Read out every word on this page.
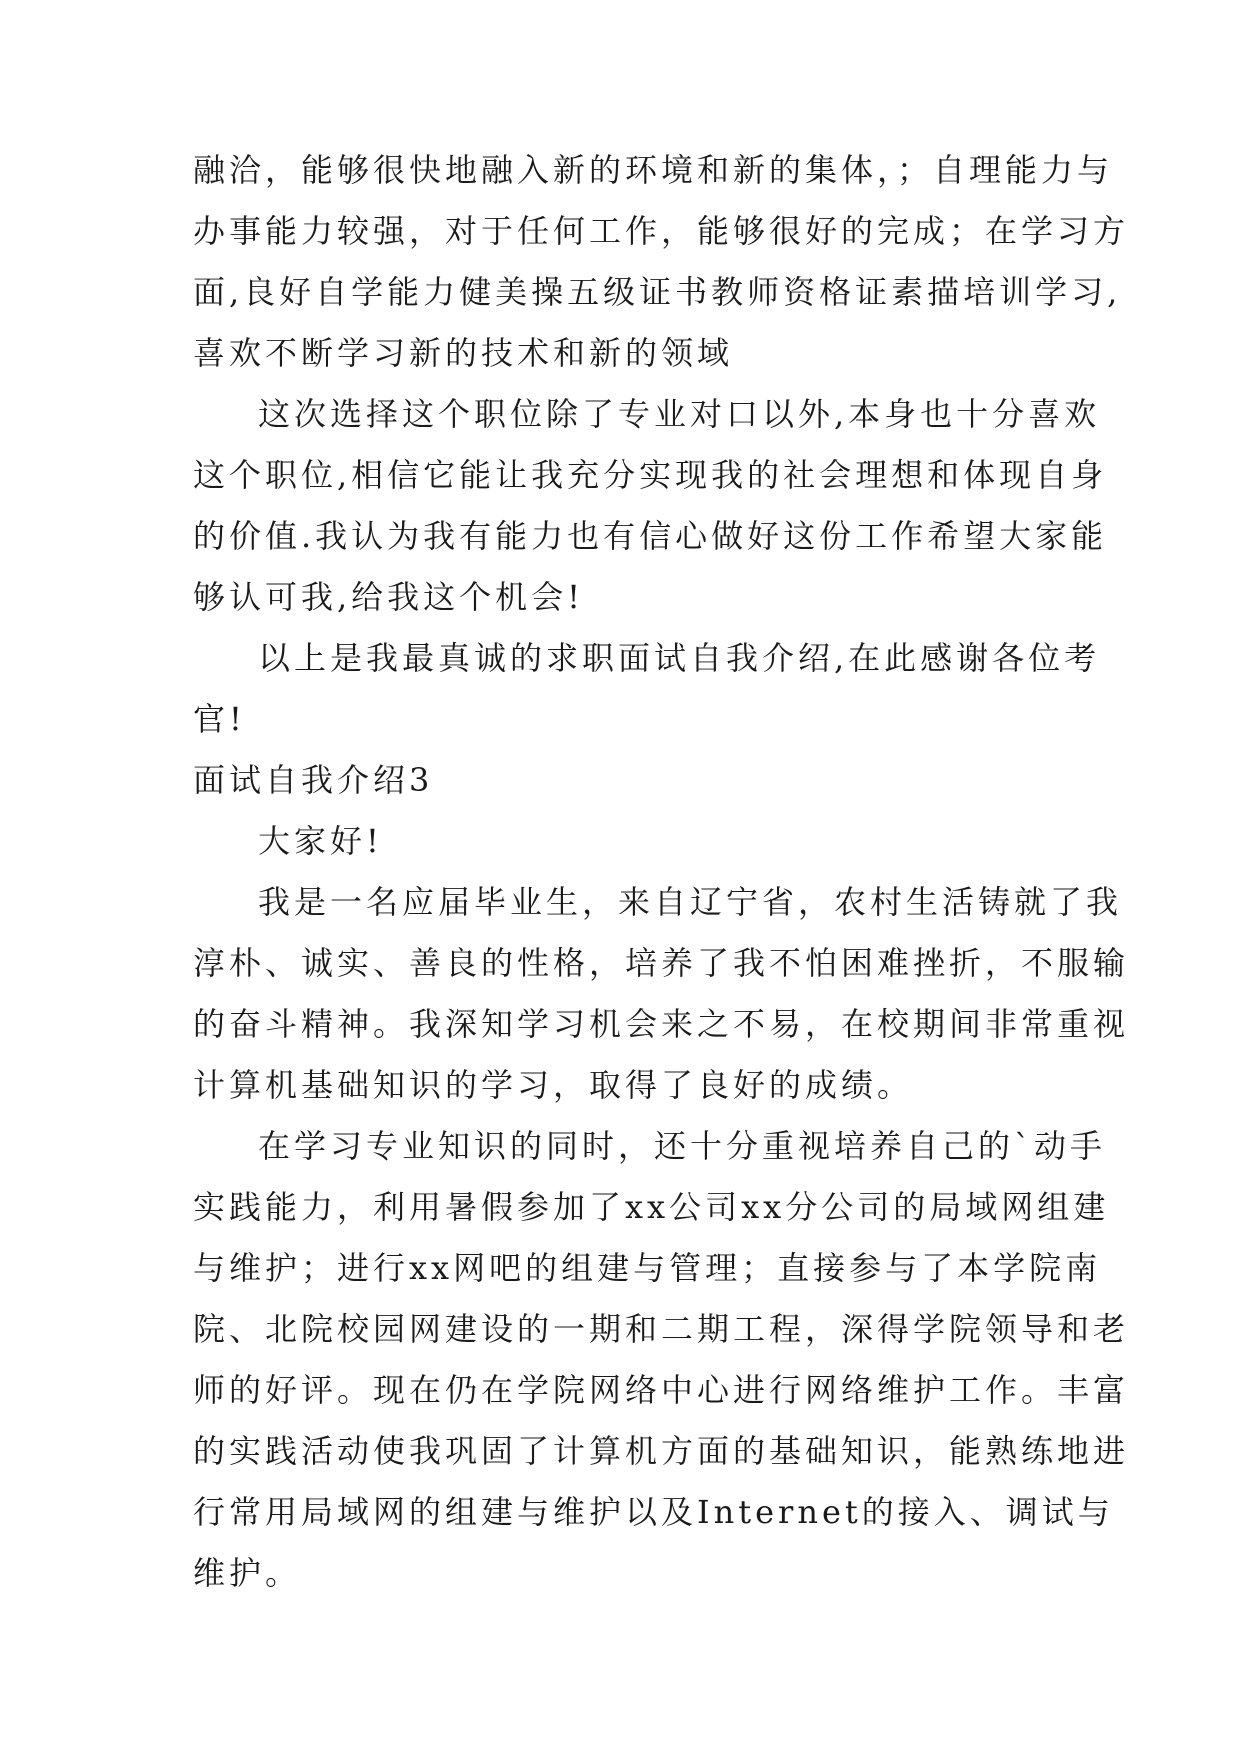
融洽，能够很快地融入新的环境和新的集体，；自理能力与
办事能力较强，对于任何工作，能够很好的完成；在学习方
面,良好自学能力健美操五级证书教师资格证素描培训学习,
喜欢不断学习新的技术和新的领域
这次选择这个职位除了专业对口以外,本身也十分喜欢
这个职位,相信它能让我充分实现我的社会理想和体现自身
的价值.我认为我有能力也有信心做好这份工作希望大家能
够认可我,给我这个机会!
以上是我最真诚的求职面试自我介绍,在此感谢各位考
官!
面试自我介绍3
大家好!
我是一名应届毕业生，来自辽宁省，农村生活铸就了我
淳朴、诚实、善良的性格，培养了我不怕困难挫折，不服输
的奋斗精神。我深知学习机会来之不易，在校期间非常重视
计算机基础知识的学习，取得了良好的成绩。
在学习专业知识的同时，还十分重视培养自己的`动手
实践能力，利用暑假参加了xx公司xx分公司的局域网组建
与维护；进行xx网吧的组建与管理；直接参与了本学院南
院、北院校园网建设的一期和二期工程，深得学院领导和老
师的好评。现在仍在学院网络中心进行网络维护工作。丰富
的实践活动使我巩固了计算机方面的基础知识，能熟练地进
行常用局域网的组建与维护以及Internet的接入、调试与
维护。
